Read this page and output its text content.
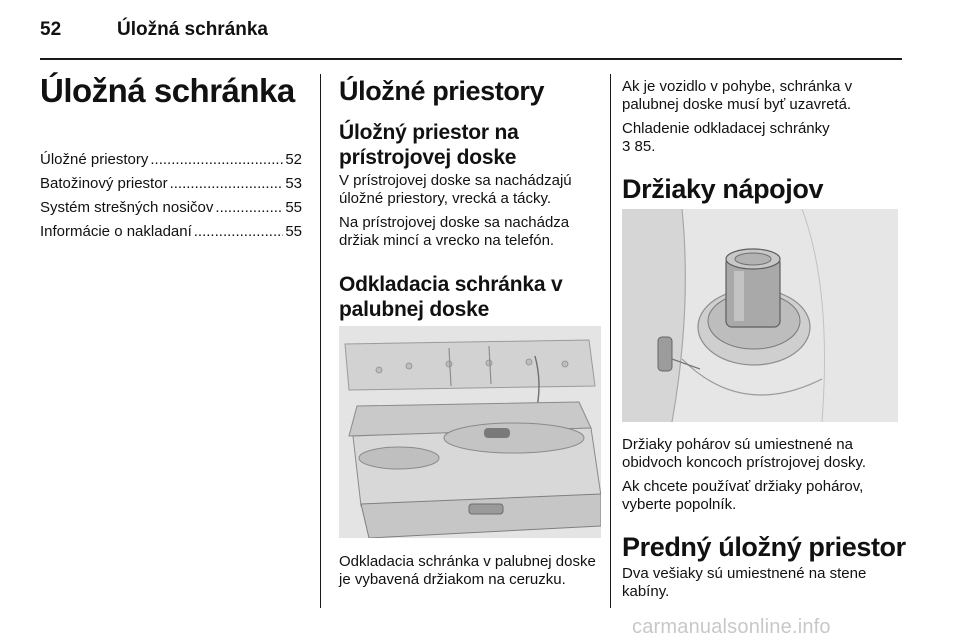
52	Úložná schránka
Úložná schránka
Úložné priestory .....	52
Batožinový priestor .....	53
Systém strešných nosičov .....	55
Informácie o nakladaní .....	55
Úložné priestory
Úložný priestor na prístrojovej doske
V prístrojovej doske sa nachádzajú úložné priestory, vrecká a tácky.
Na prístrojovej doske sa nachádza držiak mincí a vrecko na telefón.
Odkladacia schránka v palubnej doske
Odkladacia schránka v palubnej doske je vybavená držiakom na ceruzku.
Ak je vozidlo v pohybe, schránka v palubnej doske musí byť uzavretá.
Chladenie odkladacej schránky
3 85.
Držiaky nápojov
Držiaky pohárov sú umiestnené na obidvoch koncoch prístrojovej dosky.
Ak chcete používať držiaky pohárov, vyberte popolník.
Predný úložný priestor
Dva vešiaky sú umiestnené na stene kabíny.
carmanualsonline.info
